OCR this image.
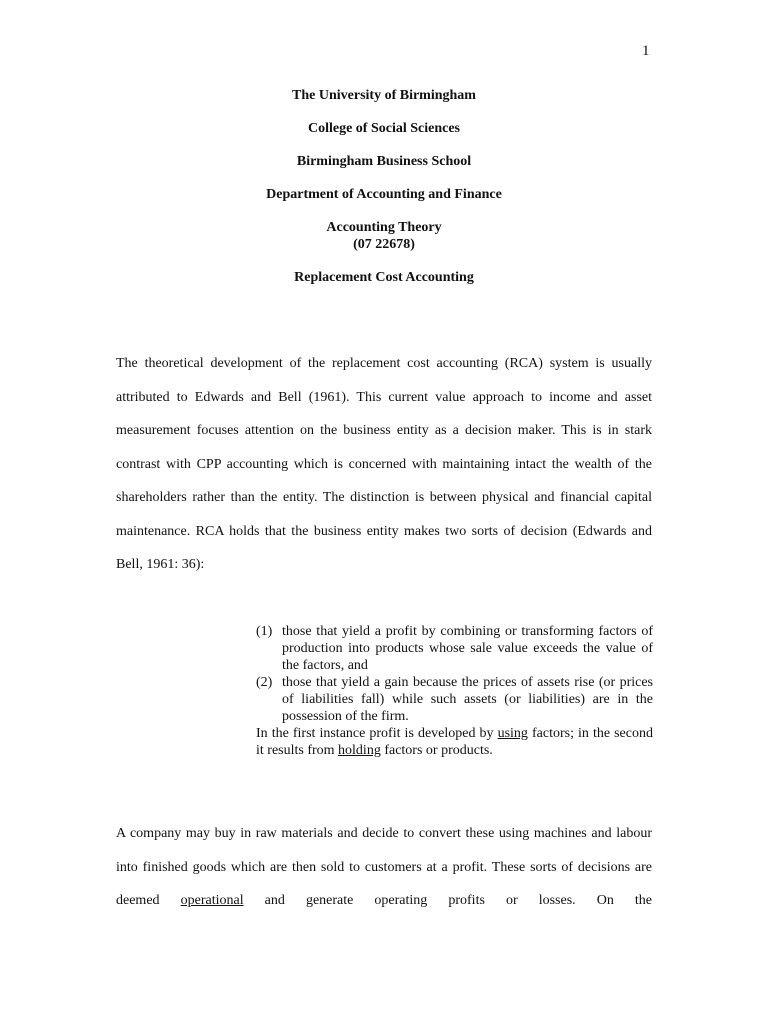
1
The University of Birmingham
College of Social Sciences
Birmingham Business School
Department of Accounting and Finance
Accounting Theory
(07 22678)
Replacement Cost Accounting

The theoretical development of the replacement cost accounting (RCA) system is usually attributed to Edwards and Bell (1961). This current value approach to income and asset measurement focuses attention on the business entity as a decision maker. This is in stark contrast with CPP accounting which is concerned with maintaining intact the wealth of the shareholders rather than the entity. The distinction is between physical and financial capital maintenance. RCA holds that the business entity makes two sorts of decision (Edwards and Bell, 1961: 36):

(1) those that yield a profit by combining or transforming factors of production into products whose sale value exceeds the value of the factors, and
(2) those that yield a gain because the prices of assets rise (or prices of liabilities fall) while such assets (or liabilities) are in the possession of the firm.
In the first instance profit is developed by using factors; in the second it results from holding factors or products.

A company may buy in raw materials and decide to convert these using machines and labour into finished goods which are then sold to customers at a profit. These sorts of decisions are deemed operational and generate operating profits or losses. On the
